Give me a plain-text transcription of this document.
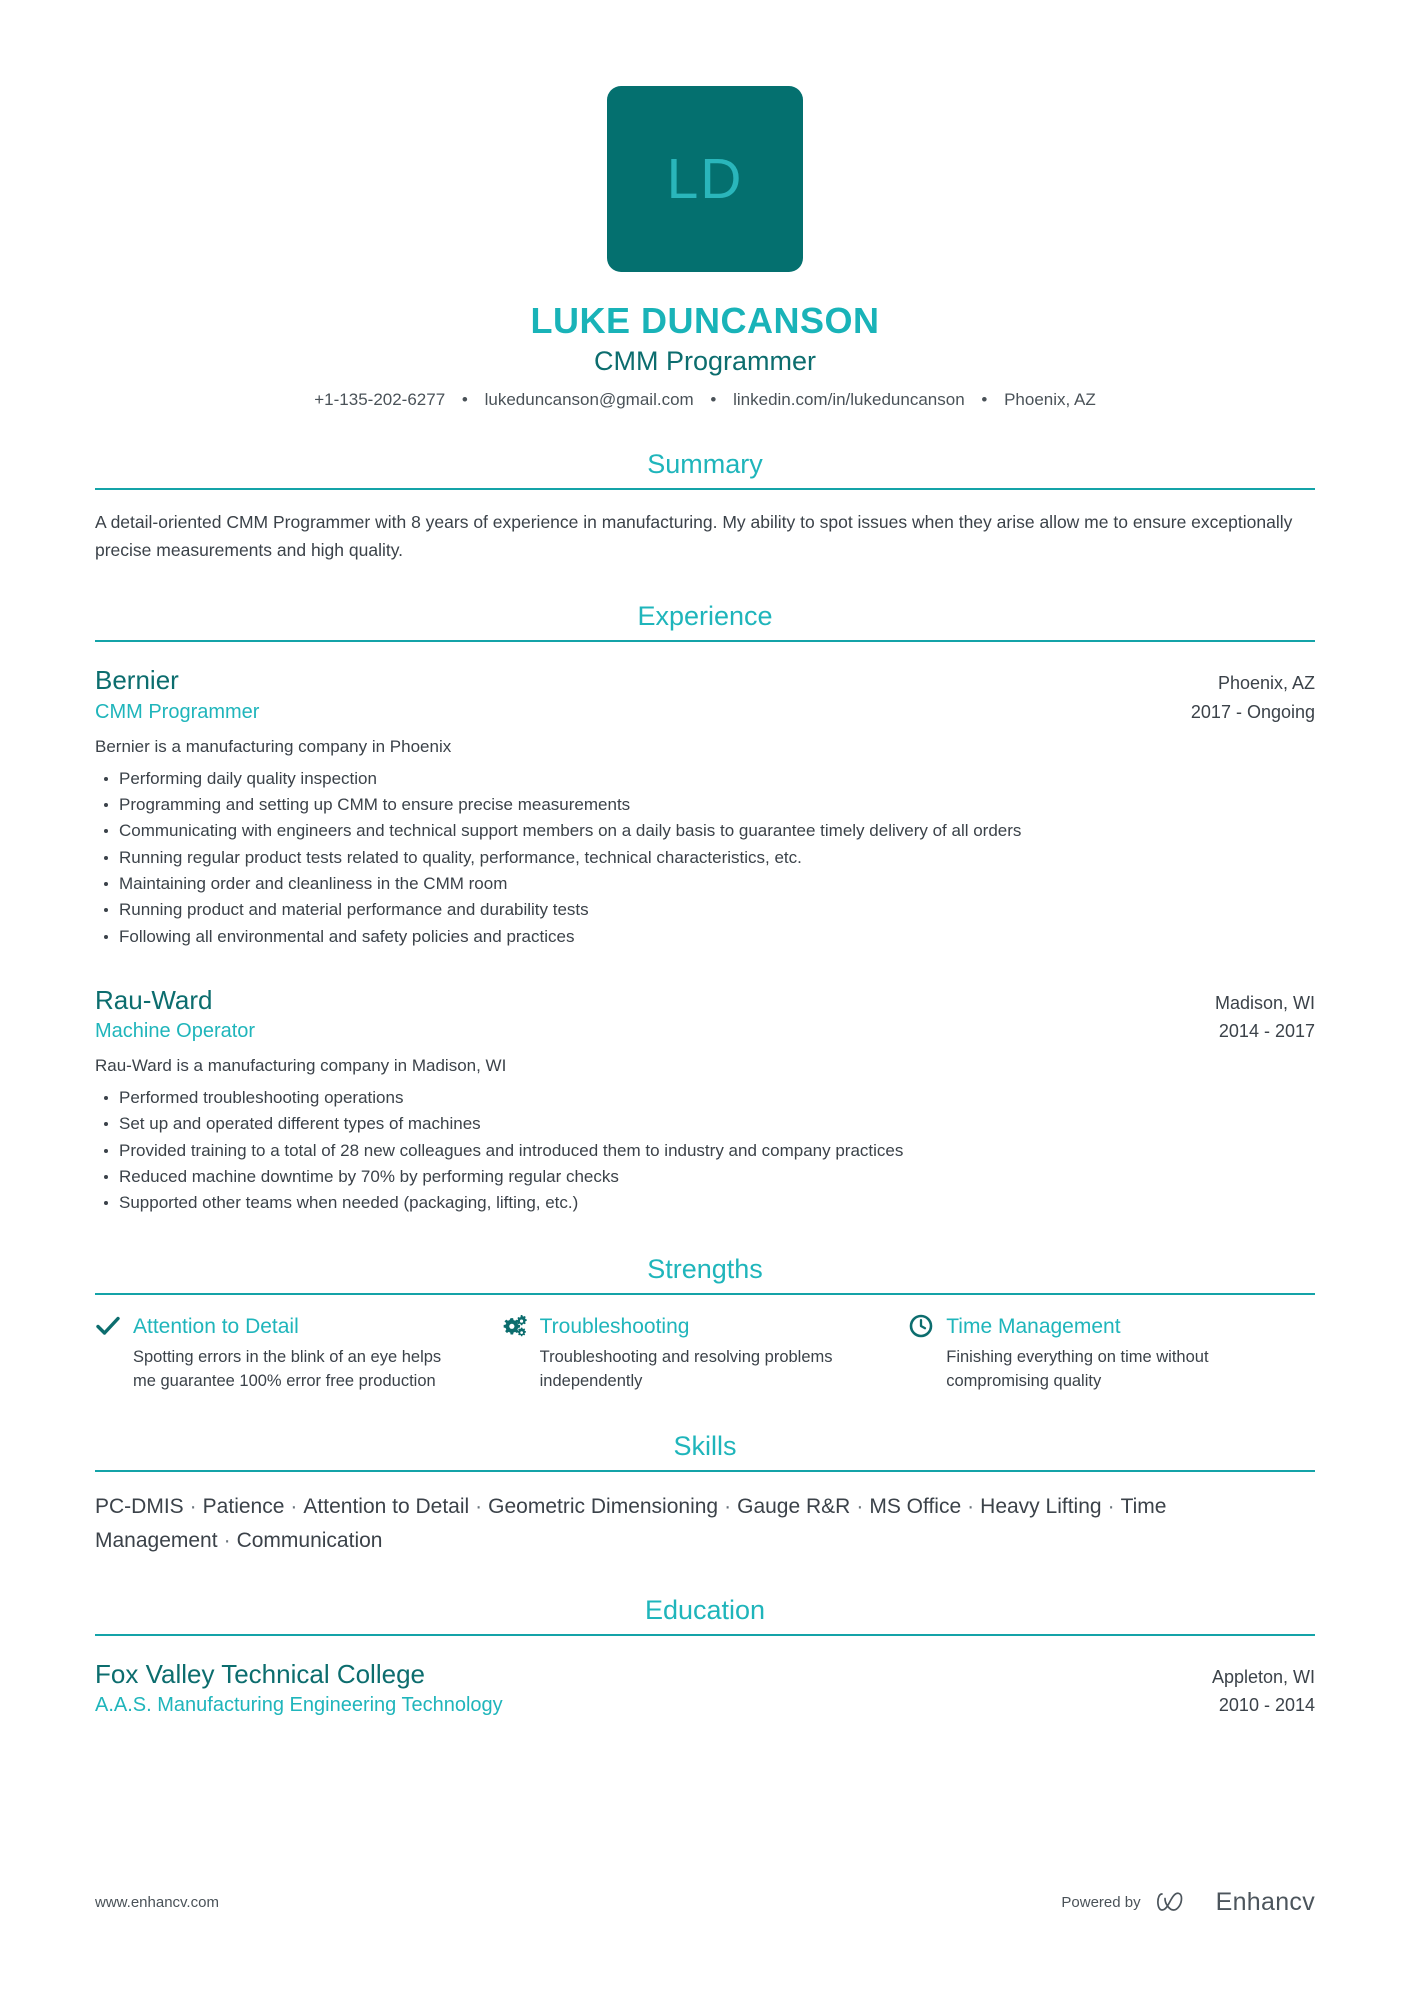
LD
LUKE DUNCANSON
CMM Programmer
+1-135-202-6277 • lukeduncanson@gmail.com • linkedin.com/in/lukeduncanson • Phoenix, AZ
Summary

A detail-oriented CMM Programmer with 8 years of experience in manufacturing. My ability to spot issues when they arise allow me to ensure exceptionally precise measurements and high quality.

Experience
Bernier	Phoenix, AZ
CMM Programmer	2017 - Ongoing
Bernier is a manufacturing company in Phoenix
Performing daily quality inspection
Programming and setting up CMM to ensure precise measurements
Communicating with engineers and technical support members on a daily basis to guarantee timely delivery of all orders
Running regular product tests related to quality, performance, technical characteristics, etc.
Maintaining order and cleanliness in the CMM room
Running product and material performance and durability tests
Following all environmental and safety policies and practices
Rau-Ward	Madison, WI
Machine Operator	2014 - 2017
Rau-Ward is a manufacturing company in Madison, WI
Performed troubleshooting operations
Set up and operated different types of machines
Provided training to a total of 28 new colleagues and introduced them to industry and company practices
Reduced machine downtime by 70% by performing regular checks
Supported other teams when needed (packaging, lifting, etc.)
Strengths
Attention to Detail
Spotting errors in the blink of an eye helps me guarantee 100% error free production
Troubleshooting
Troubleshooting and resolving problems independently
Time Management
Finishing everything on time without compromising quality
Skills
PC-DMIS · Patience · Attention to Detail · Geometric Dimensioning · Gauge R&R · MS Office · Heavy Lifting · Time Management · Communication
Education
Fox Valley Technical College	Appleton, WI
A.A.S. Manufacturing Engineering Technology	2010 - 2014
www.enhancv.com	Powered by	Enhancv
